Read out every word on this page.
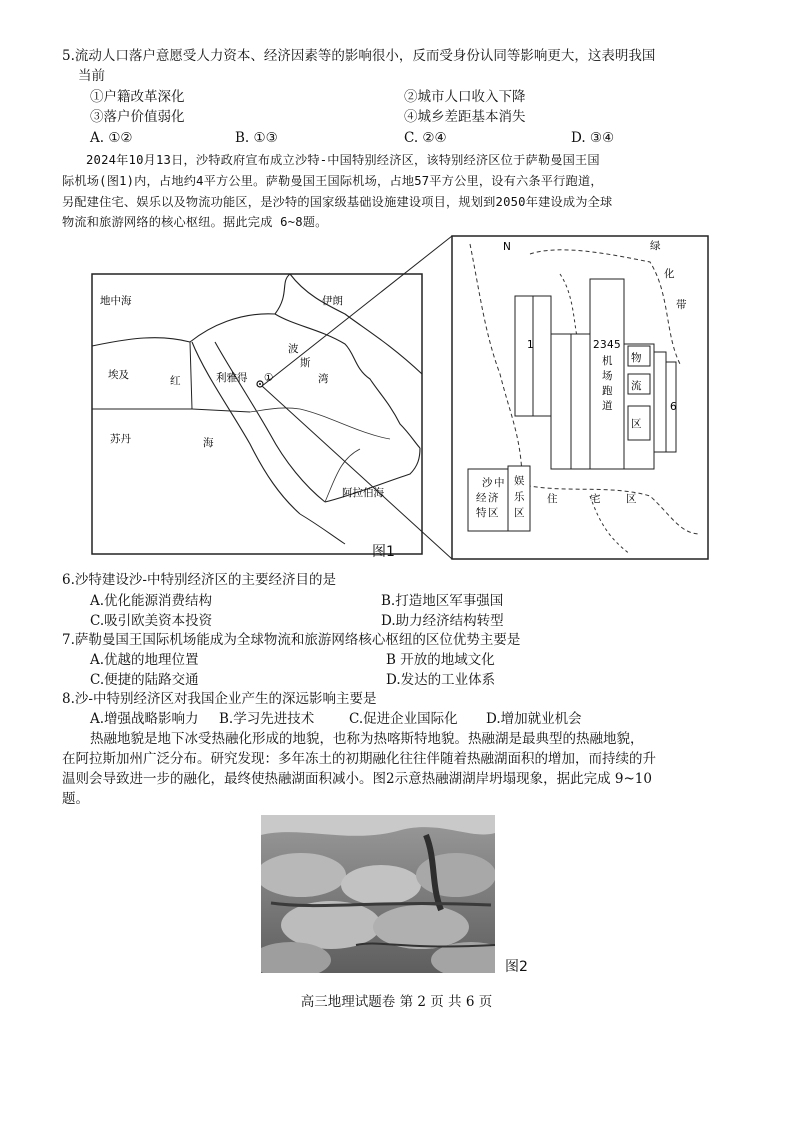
5.流动人口落户意愿受人力资本、经济因素等的影响很小，反而受身份认同等影响更大，这表明我国
当前
①户籍改革深化	②城市人口收入下降
③落户价值弱化	④城乡差距基本消失
A. ①②	B. ①③	C. ②④	D. ③④
2024年10月13日，沙特政府宣布成立沙特-中国特别经济区，该特别经济区位于萨勒曼国王国
际机场(图1)内，占地约4平方公里。萨勒曼国王国际机场，占地57平方公里，设有六条平行跑道，
另配建住宅、娱乐以及物流功能区，是沙特的国家级基础设施建设项目，规划到2050年建设成为全球
物流和旅游网络的核心枢纽。据此完成 6~8题。
地中海	伊朗
埃及
苏丹
利雅得 ①
红
海
波
斯
湾
阿拉伯海
N	绿
化
带
1	2 3 4 5
6
机
场
跑
道
物
流
区
沙 中
经 济
特 区
娱
乐
区
住	宅 区
图1
6.沙特建设沙-中特别经济区的主要经济目的是
A.优化能源消费结构	B.打造地区军事强国
C.吸引欧美资本投资	D.助力经济结构转型
7.萨勒曼国王国际机场能成为全球物流和旅游网络核心枢纽的区位优势主要是
A.优越的地理位置	B 开放的地域文化
C.便捷的陆路交通	D.发达的工业体系
8.沙-中特别经济区对我国企业产生的深远影响主要是
A.增强战略影响力 B.学习先进技术	C.促进企业国际化 D.增加就业机会
热融地貌是地下冰受热融化形成的地貌，也称为热喀斯特地貌。热融湖是最典型的热融地貌，
在阿拉斯加州广泛分布。研究发现：多年冻土的初期融化往往伴随着热融湖面积的增加，而持续的升
温则会导致进一步的融化，最终使热融湖面积减小。图2示意热融湖湖岸坍塌现象，据此完成 9~10
题。
图2
高三地理试题卷 第 2 页 共 6 页
